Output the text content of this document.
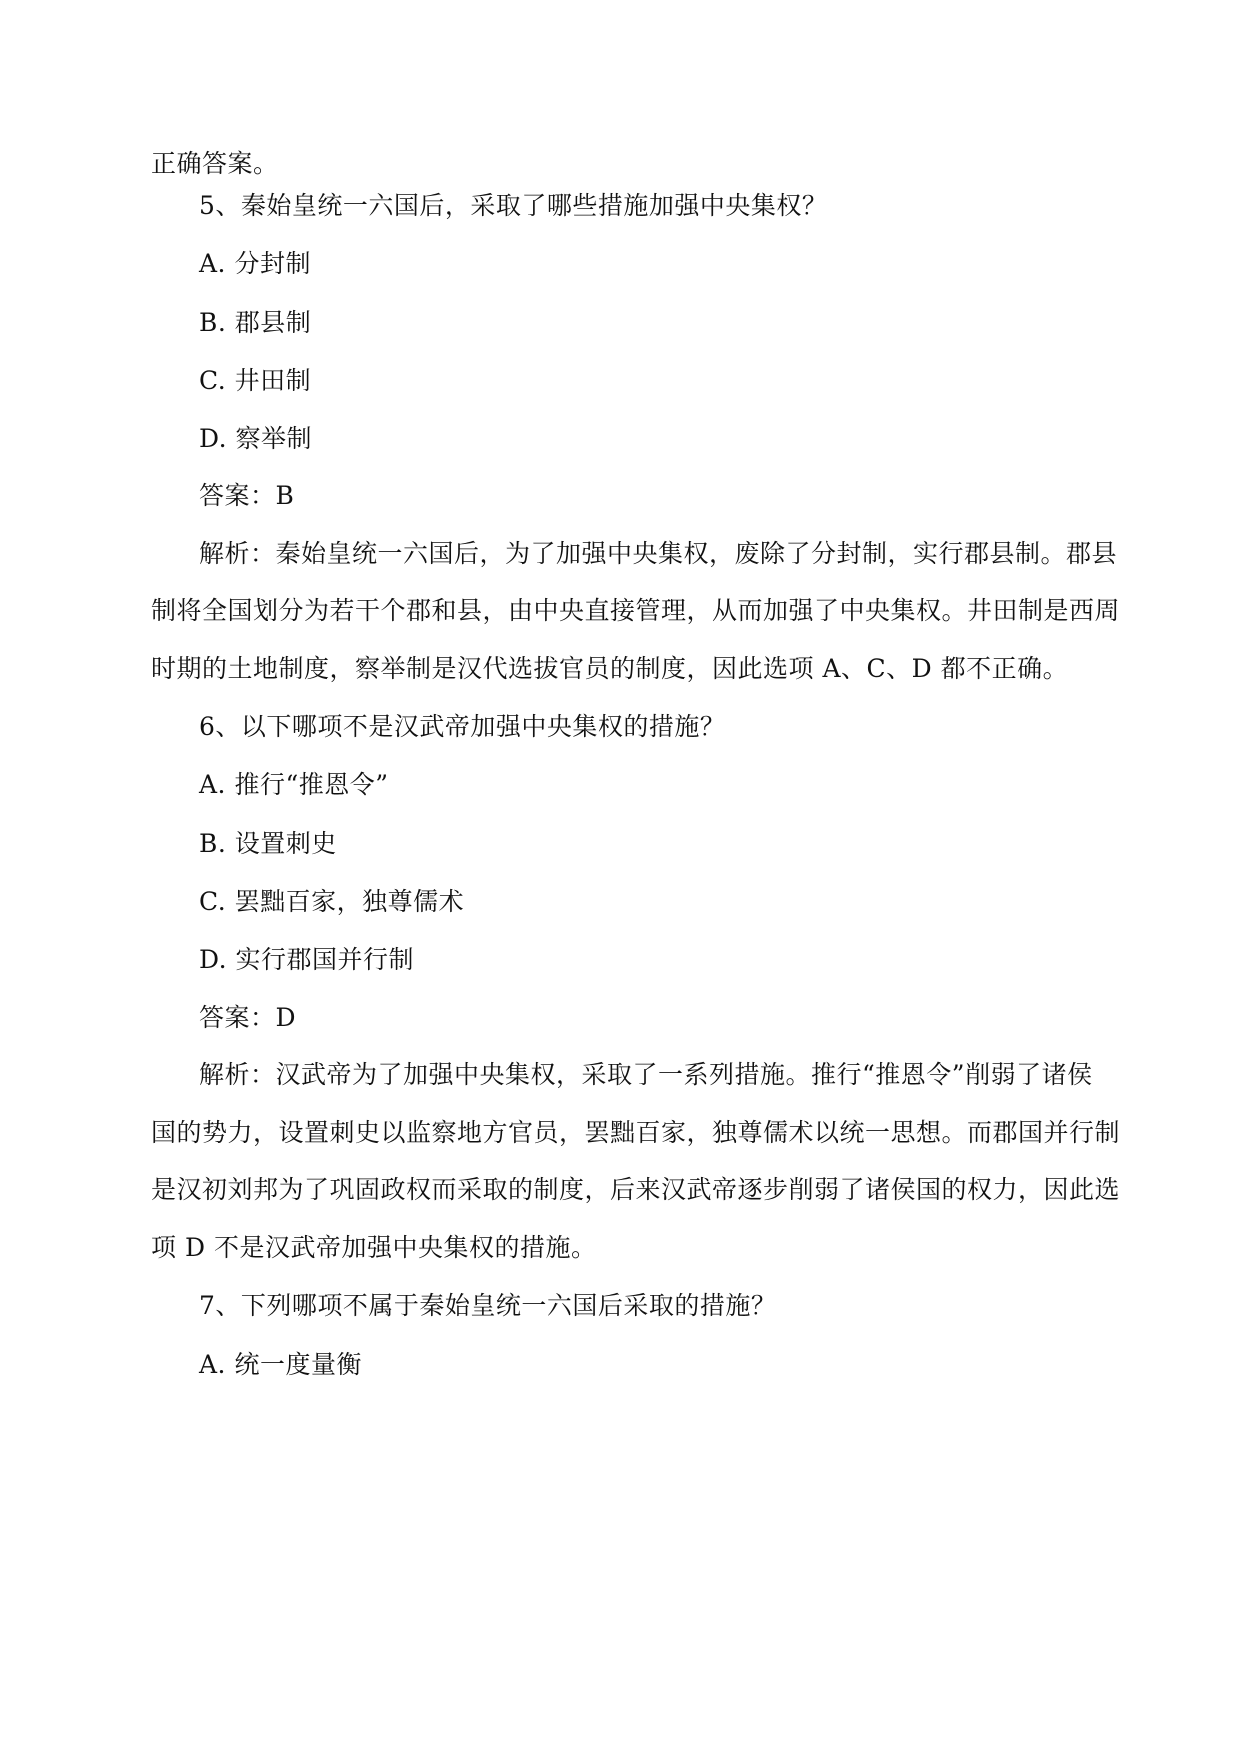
正确答案。
5、秦始皇统一六国后，采取了哪些措施加强中央集权？
A. 分封制
B. 郡县制
C. 井田制
D. 察举制
答案：B
解析：秦始皇统一六国后，为了加强中央集权，废除了分封制，实行郡县制。郡县
制将全国划分为若干个郡和县，由中央直接管理，从而加强了中央集权。井田制是西周
时期的土地制度，察举制是汉代选拔官员的制度，因此选项 A、C、D 都不正确。
6、以下哪项不是汉武帝加强中央集权的措施？
A. 推行“推恩令”
B. 设置刺史
C. 罢黜百家，独尊儒术
D. 实行郡国并行制
答案：D
解析：汉武帝为了加强中央集权，采取了一系列措施。推行“推恩令”削弱了诸侯
国的势力，设置刺史以监察地方官员，罢黜百家，独尊儒术以统一思想。而郡国并行制
是汉初刘邦为了巩固政权而采取的制度，后来汉武帝逐步削弱了诸侯国的权力，因此选
项 D 不是汉武帝加强中央集权的措施。
7、下列哪项不属于秦始皇统一六国后采取的措施？
A. 统一度量衡
